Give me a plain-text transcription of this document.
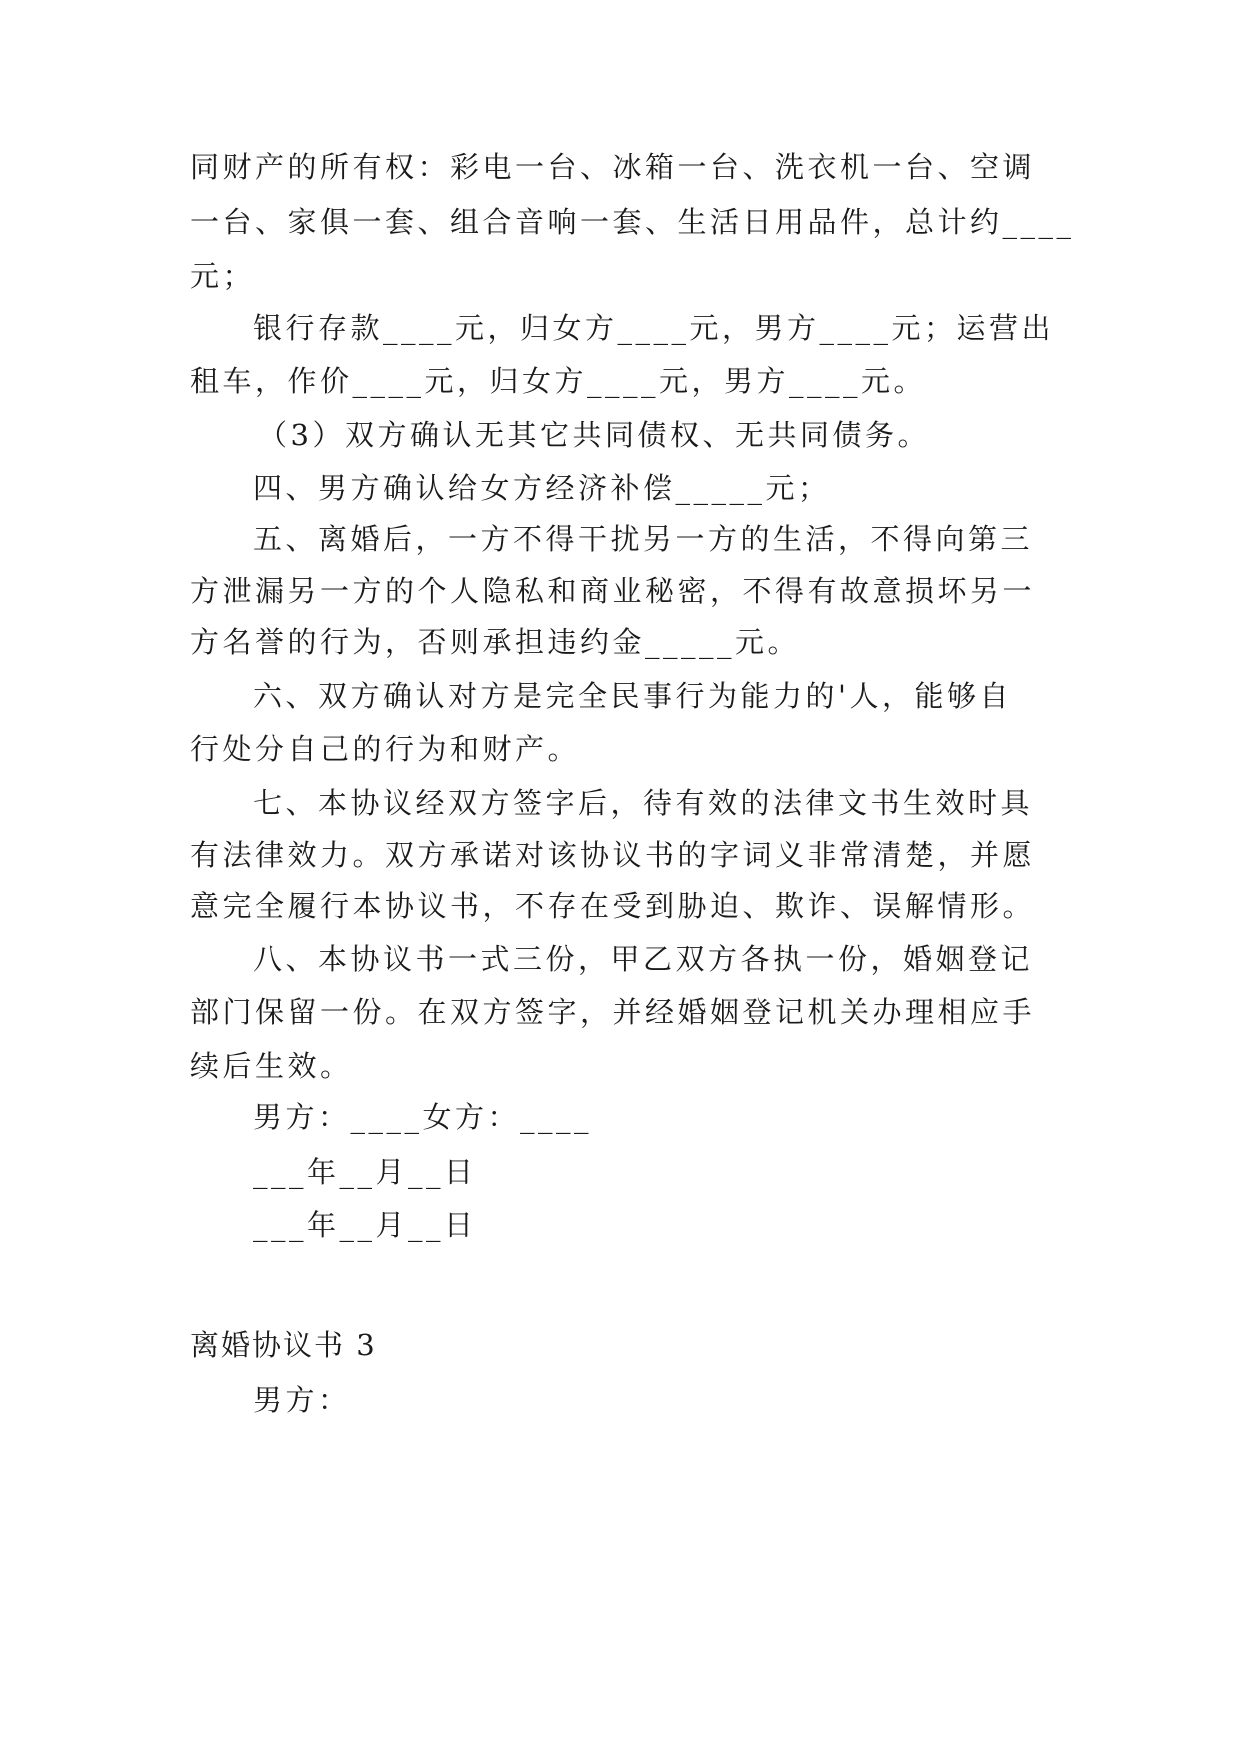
同财产的所有权：彩电一台、冰箱一台、洗衣机一台、空调

一台、家俱一套、组合音响一套、生活日用品件，总计约____

元；

银行存款____元，归女方____元，男方____元；运营出

租车，作价____元，归女方____元，男方____元。

（3）双方确认无其它共同债权、无共同债务。

四、男方确认给女方经济补偿_____元；

五、离婚后，一方不得干扰另一方的生活，不得向第三

方泄漏另一方的个人隐私和商业秘密，不得有故意损坏另一

方名誉的行为，否则承担违约金_____元。

六、双方确认对方是完全民事行为能力的'人，能够自

行处分自己的行为和财产。

七、本协议经双方签字后，待有效的法律文书生效时具

有法律效力。双方承诺对该协议书的字词义非常清楚，并愿

意完全履行本协议书，不存在受到胁迫、欺诈、误解情形。

八、本协议书一式三份，甲乙双方各执一份，婚姻登记

部门保留一份。在双方签字，并经婚姻登记机关办理相应手

续后生效。

男方：____女方：____

___年__月__日

___年__月__日

离婚协议书 3

男方：
